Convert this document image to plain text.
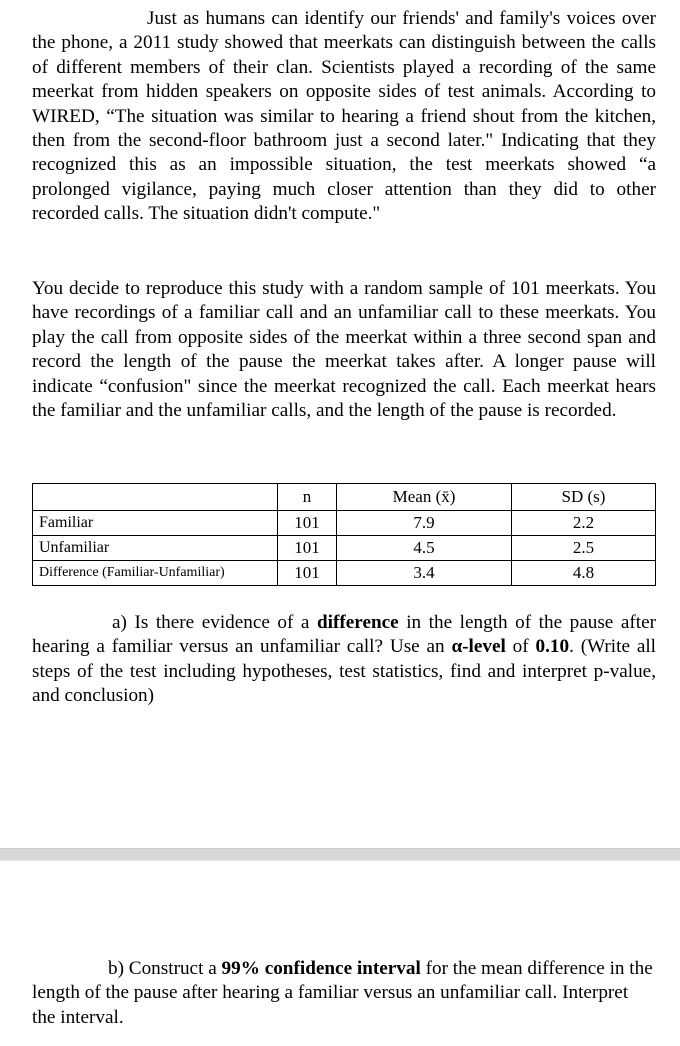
Just as humans can identify our friends' and family's voices over the phone, a 2011 study showed that meerkats can distinguish between the calls of different members of their clan. Scientists played a recording of the same meerkat from hidden speakers on opposite sides of test animals. According to WIRED, “The situation was similar to hearing a friend shout from the kitchen, then from the second-floor bathroom just a second later." Indicating that they recognized this as an impossible situation, the test meerkats showed “a prolonged vigilance, paying much closer attention than they did to other recorded calls. The situation didn't compute."

You decide to reproduce this study with a random sample of 101 meerkats. You have recordings of a familiar call and an unfamiliar call to these meerkats. You play the call from opposite sides of the meerkat within a three second span and record the length of the pause the meerkat takes after. A longer pause will indicate “confusion" since the meerkat recognized the call. Each meerkat hears the familiar and the unfamiliar calls, and the length of the pause is recorded.

	n	Mean (x̄)	SD (s)
Familiar	101	7.9	2.2
Unfamiliar	101	4.5	2.5
Difference (Familiar-Unfamiliar)	101	3.4	4.8

a) Is there evidence of a difference in the length of the pause after hearing a familiar versus an unfamiliar call? Use an α-level of 0.10. (Write all steps of the test including hypotheses, test statistics, find and interpret p-value, and conclusion)

b) Construct a 99% confidence interval for the mean difference in the length of the pause after hearing a familiar versus an unfamiliar call. Interpret the interval.
